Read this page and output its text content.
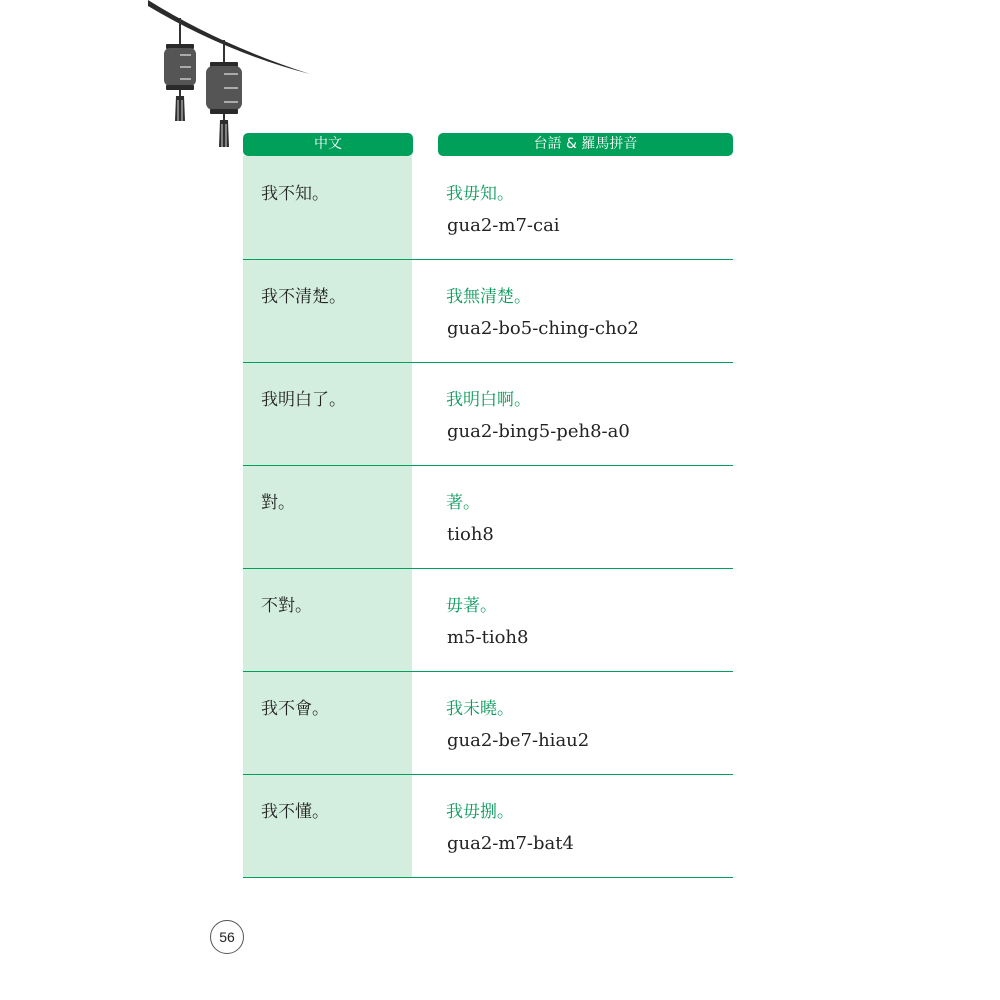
中文	台語 & 羅馬拼音
我不知。	我毋知。
gua2-m7-cai
我不清楚。	我無清楚。
gua2-bo5-ching-cho2
我明白了。	我明白啊。
gua2-bing5-peh8-a0
對。	著。
tioh8
不對。	毋著。
m5-tioh8
我不會。	我未曉。
gua2-be7-hiau2
我不懂。	我毋捌。
gua2-m7-bat4
56
